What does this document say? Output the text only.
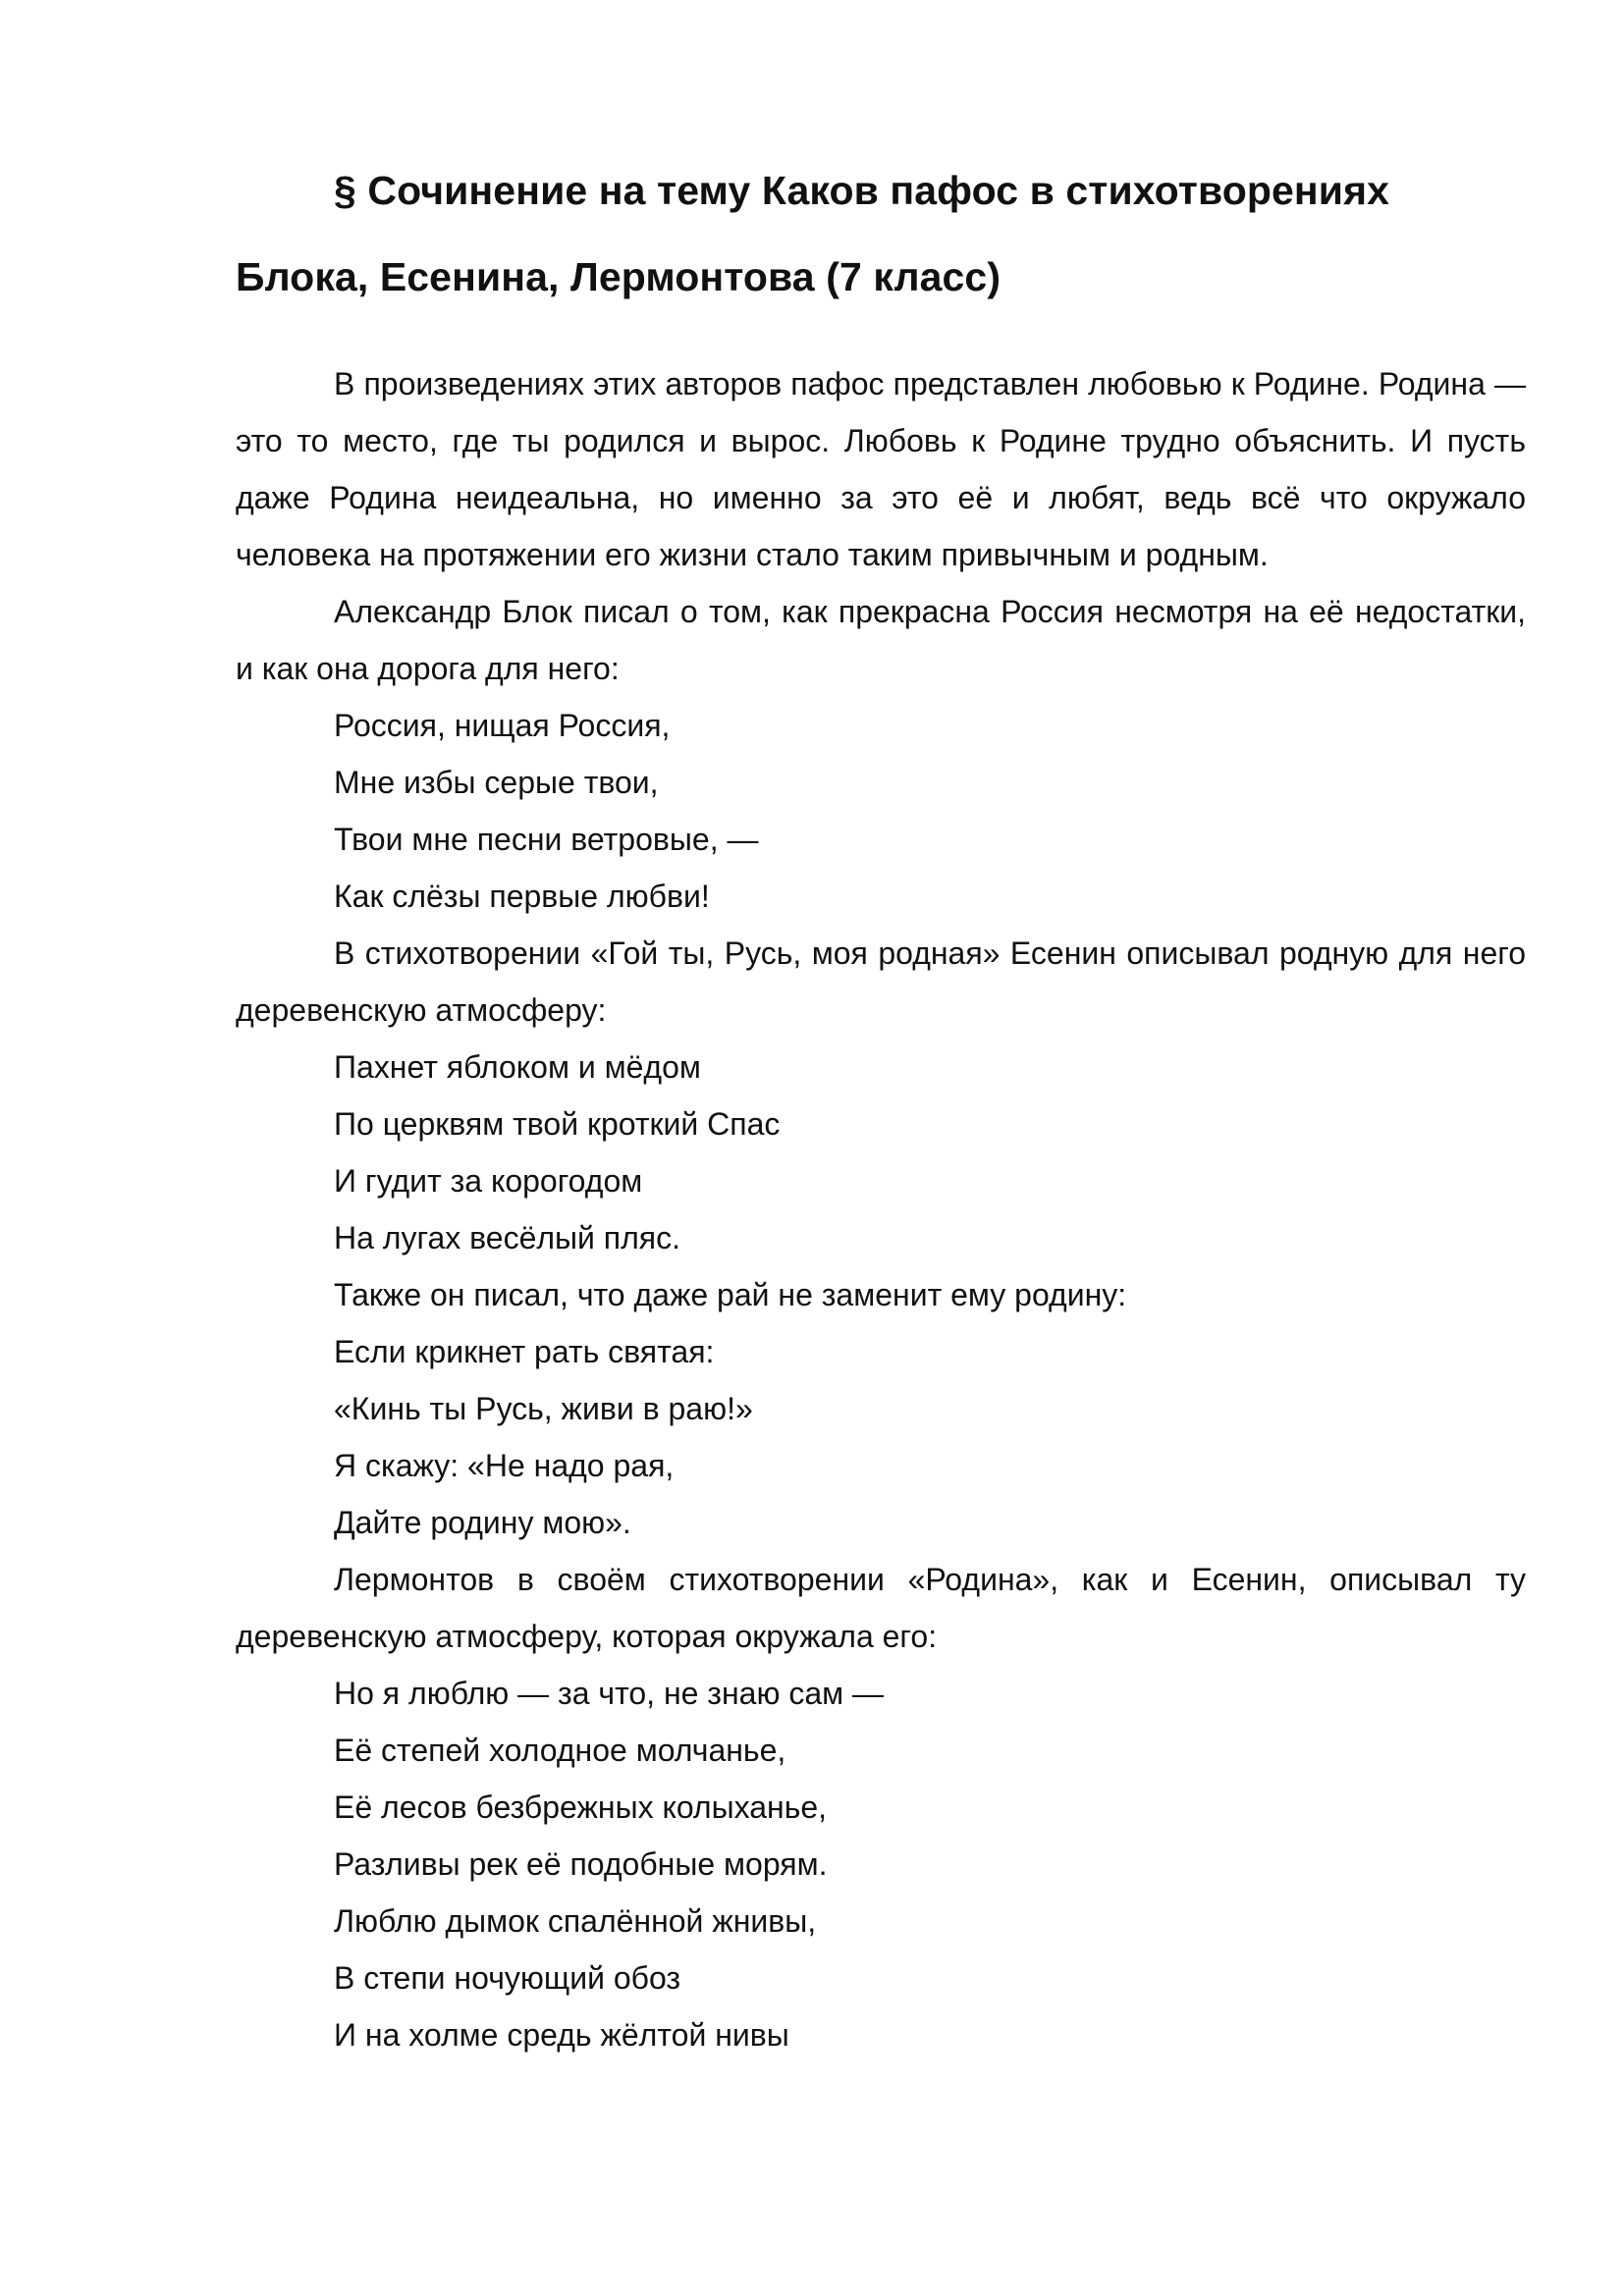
§ Сочинение на тему Каков пафос в стихотворениях Блока, Есенина, Лермонтова (7 класс)

В произведениях этих авторов пафос представлен любовью к Родине. Родина — это то место, где ты родился и вырос. Любовь к Родине трудно объяснить. И пусть даже Родина неидеальна, но именно за это её и любят, ведь всё что окружало человека на протяжении его жизни стало таким привычным и родным.

Александр Блок писал о том, как прекрасна Россия несмотря на её недостатки, и как она дорога для него:

Россия, нищая Россия,

Мне избы серые твои,

Твои мне песни ветровые, —

Как слёзы первые любви!

В стихотворении «Гой ты, Русь, моя родная» Есенин описывал родную для него деревенскую атмосферу:

Пахнет яблоком и мёдом

По церквям твой кроткий Спас

И гудит за корогодом

На лугах весёлый пляс.

Также он писал, что даже рай не заменит ему родину:

Если крикнет рать святая:

«Кинь ты Русь, живи в раю!»

Я скажу: «Не надо рая,

Дайте родину мою».

Лермонтов в своём стихотворении «Родина», как и Есенин, описывал ту деревенскую атмосферу, которая окружала его:

Но я люблю — за что, не знаю сам —

Её степей холодное молчанье,

Её лесов безбрежных колыханье,

Разливы рек её подобные морям.

Люблю дымок спалённой жнивы,

В степи ночующий обоз

И на холме средь жёлтой нивы
